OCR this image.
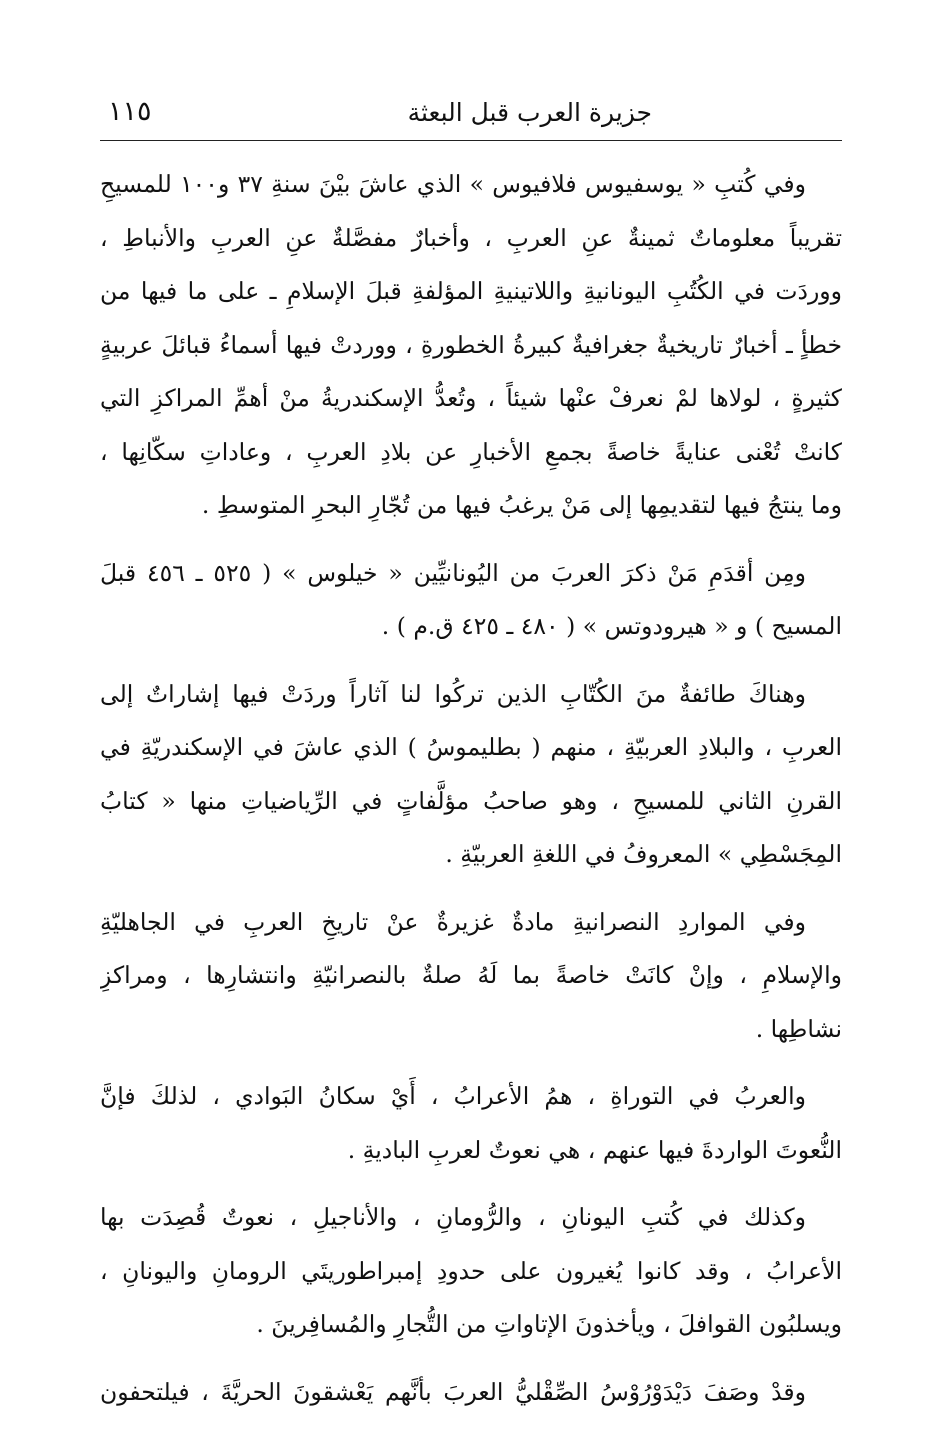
١١٥	جزيرة العرب قبل البعثة
وفي كُتبِ « يوسفيوس فلافيوس » الذي عاشَ بيْنَ سنةِ ٣٧ و١٠٠ للمسيحِ
تقريباً معلوماتٌ ثمينةٌ عنِ العربِ ، وأخبارٌ مفصَّلةٌ عنِ العربِ والأنباطِ ،
ووردَت في الكُتُبِ اليونانيةِ واللاتينيةِ المؤلفةِ قبلَ الإسلامِ ـ على ما فيها من
خطأٍ ـ أخبارٌ تاريخيةٌ جغرافيةٌ كبيرةُ الخطورةِ ، ووردتْ فيها أسماءُ قبائلَ عربيةٍ
كثيرةٍ ، لولاها لمْ نعرفْ عنْها شيئاً ، وتُعدُّ الإسكندريةُ منْ أهمِّ المراكزِ التي
كانتْ تُعْنى عنايةً خاصةً بجمعِ الأخبارِ عن بلادِ العربِ ، وعاداتِ سكّانِها ،
وما ينتجُ فيها لتقديمِها إلى مَنْ يرغبُ فيها من تُجّارِ البحرِ المتوسطِ .
ومِن أقدَمِ مَنْ ذكرَ العربَ من اليُونانيِّين « خيلوس » ( ٥٢٥ ـ ٤٥٦ قبلَ
المسيح ) و « هيرودوتس » ( ٤٨٠ ـ ٤٢٥ ق.م ) .
وهناكَ طائفةٌ منَ الكُتّابِ الذين تركُوا لنا آثاراً وردَتْ فيها إشاراتٌ إلى
العربِ ، والبلادِ العربيّةِ ، منهم ( بطليموسُ ) الذي عاشَ في الإسكندريّةِ في
القرنِ الثاني للمسيحِ ، وهو صاحبُ مؤلَّفاتٍ في الرِّياضياتِ منها « كتابُ
المِجَسْطِي » المعروفُ في اللغةِ العربيّةِ .
وفي المواردِ النصرانيةِ مادةٌ غزيرةٌ عنْ تاريخِ العربِ في الجاهليّةِ
والإسلامِ ، وإنْ كانَتْ خاصةً بما لَهُ صلةٌ بالنصرانيّةِ وانتشارِها ، ومراكزِ
نشاطِها .
والعربُ في التوراةِ ، همُ الأعرابُ ، أَيْ سكانُ البَوادي ، لذلكَ فإنَّ
النُّعوتَ الواردةَ فيها عنهم ، هي نعوتٌ لعربِ الباديةِ .
وكذلك في كُتبِ اليونانِ ، والرُّومانِ ، والأناجيلِ ، نعوتٌ قُصِدَت بها
الأعرابُ ، وقد كانوا يُغيرون على حدودِ إمبراطوريتَي الرومانِ واليونانِ ،
ويسلبُون القوافلَ ، ويأخذونَ الإتاواتِ من التُّجارِ والمُسافِرينَ .
وقدْ وصَفَ دَيْدَوْرُوْسُ الصِّقْليُّ العربَ بأنَّهم يَعْشقونَ الحريَّةَ ، فيلتحفون
